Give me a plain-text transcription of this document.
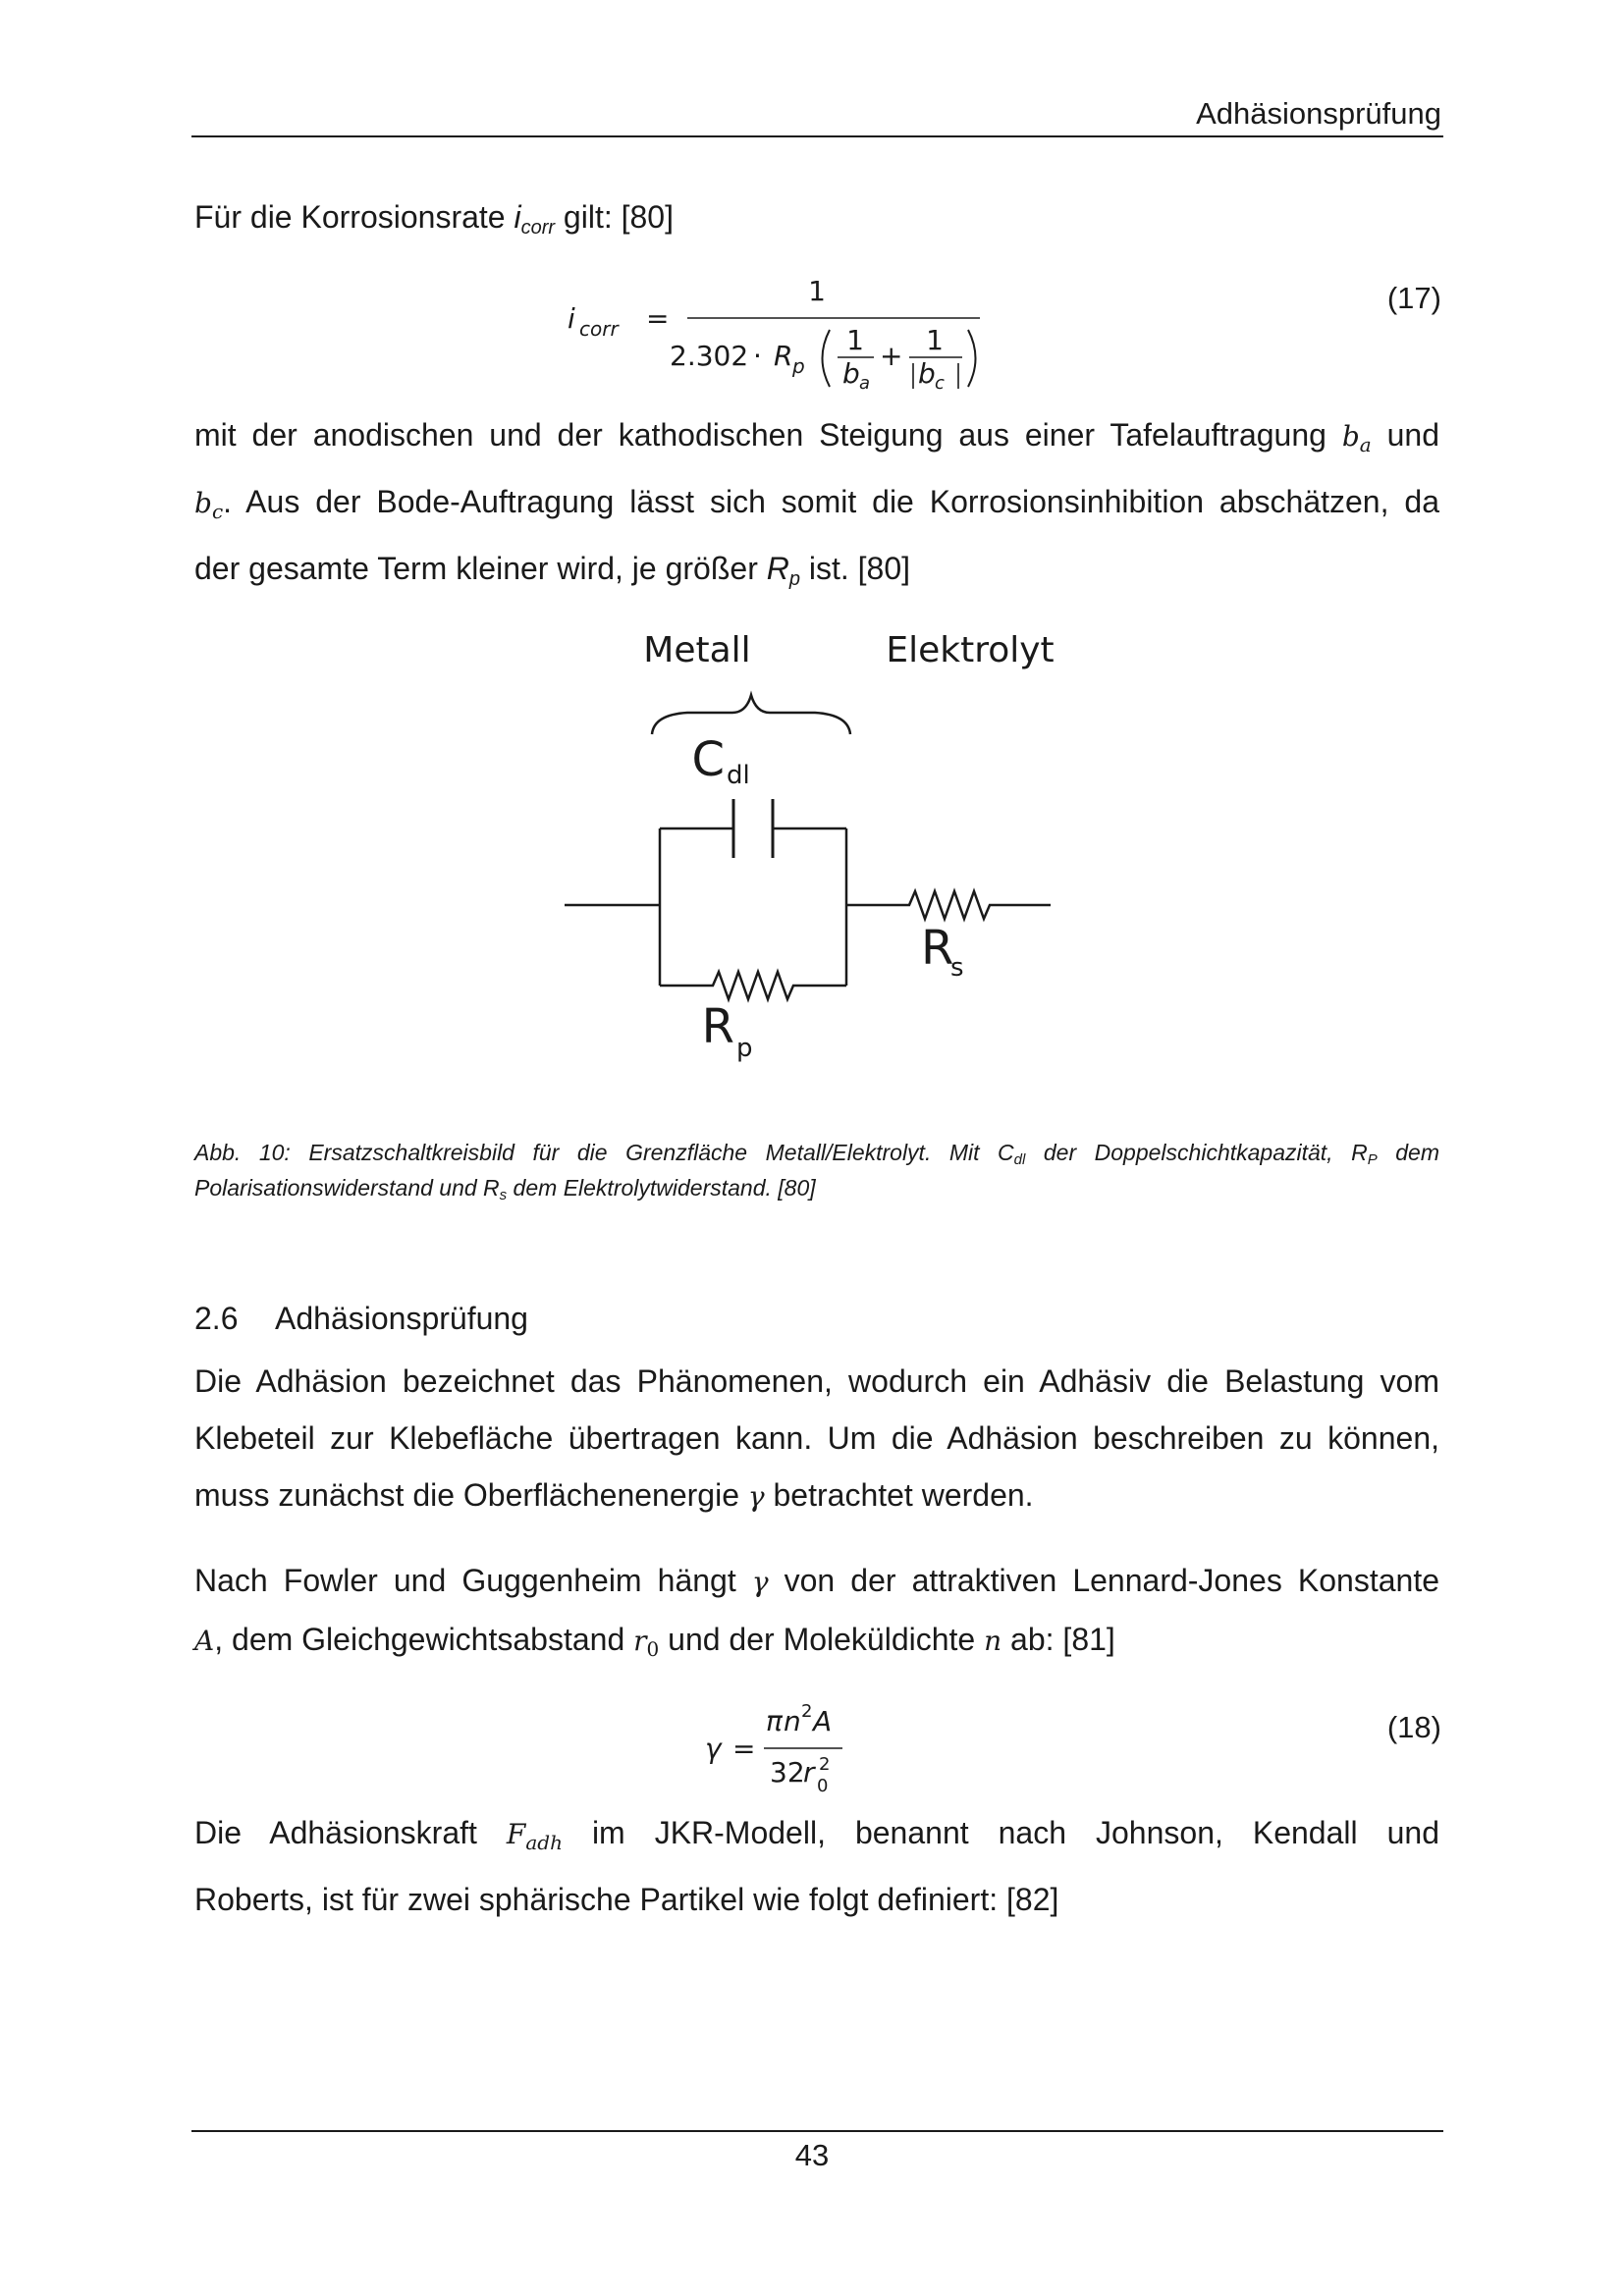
Adhäsionsprüfung
Für die Korrosionsrate icorr gilt: [80]
i corr =
1
2.302 · R p
1
b a
+ 1
b c
(17)
mit der anodischen und der kathodischen Steigung aus einer Tafelauftragung ba und
bc. Aus der Bode-Auftragung lässt sich somit die Korrosionsinhibition abschätzen, da
der gesamte Term kleiner wird, je größer Rp ist. [80]
Metall	Elektrolyt
C dl
R
s
R p
Abb. 10: Ersatzschaltkreisbild für die Grenzfläche Metall/Elektrolyt. Mit Cdl der Doppelschichtkapazität, RP dem Polarisationswiderstand und Rs dem Elektrolytwiderstand. [80]
2.6 Adhäsionsprüfung
Die Adhäsion bezeichnet das Phänomenen, wodurch ein Adhäsiv die Belastung vom
Klebeteil zur Klebefläche übertragen kann. Um die Adhäsion beschreiben zu können,
muss zunächst die Oberflächenenergie γ betrachtet werden.
Nach Fowler und Guggenheim hängt γ von der attraktiven Lennard-Jones Konstante
A, dem Gleichgewichtsabstand $r_0$ und der Moleküldichte n ab: [81]
γ =
π n 2 A
32
r 0
2
(18)
Die Adhäsionskraft Fadh im JKR-Modell, benannt nach Johnson, Kendall und
Roberts, ist für zwei sphärische Partikel wie folgt definiert: [82]
43
